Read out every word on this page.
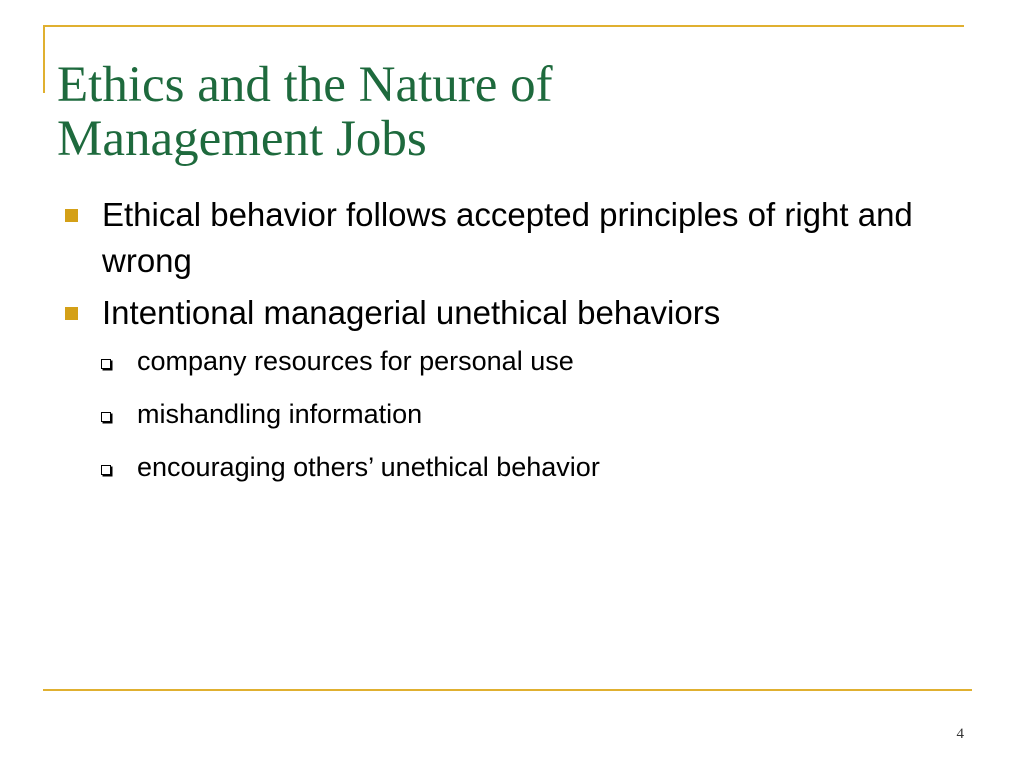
Ethics and the Nature of
Management Jobs
Ethical behavior follows accepted principles of right and wrong
Intentional managerial unethical behaviors
company resources for personal use
mishandling information
encouraging others’ unethical behavior
4
